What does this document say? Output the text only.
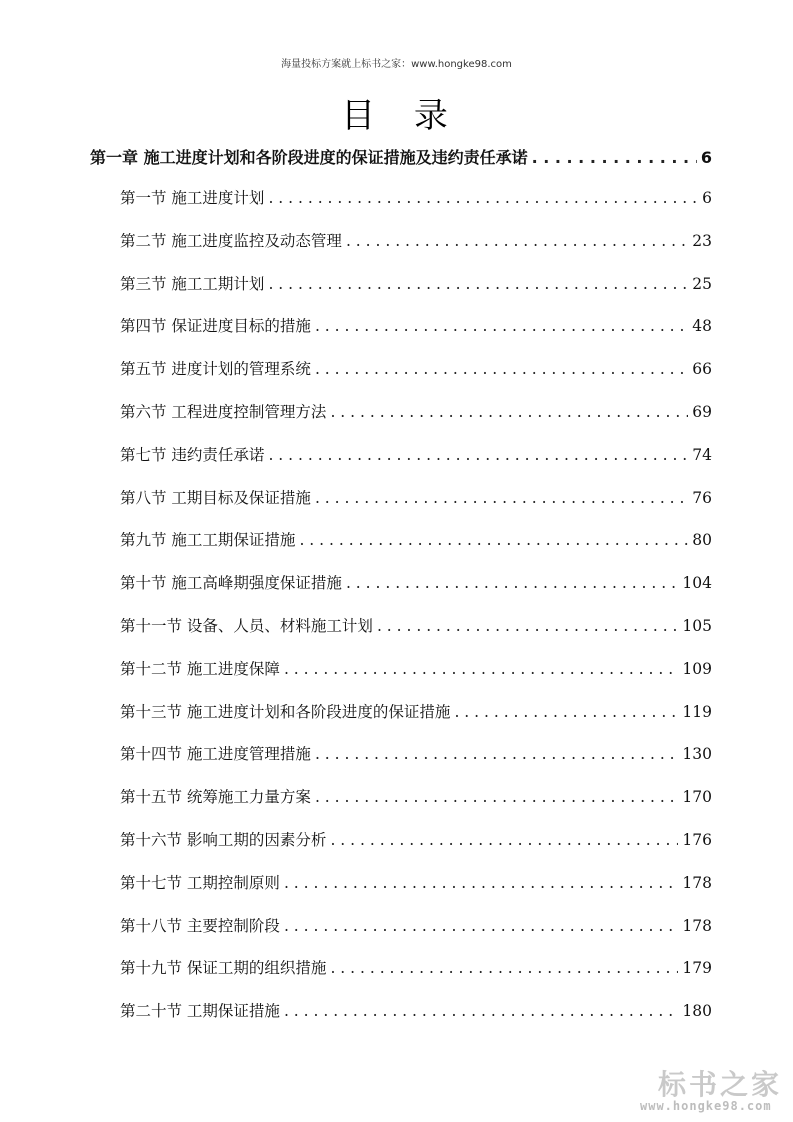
海量投标方案就上标书之家：www.hongke98.com
目 录
第一章 施工进度计划和各阶段进度的保证措施及违约责任承诺 . . .	6
第一节 施工进度计划 . . .	6
第二节 施工进度监控及动态管理 . . .	23
第三节 施工工期计划 . . .	25
第四节 保证进度目标的措施 . . .	48
第五节 进度计划的管理系统 . . .	66
第六节 工程进度控制管理方法 . . .	69
第七节 违约责任承诺 . . .	74
第八节 工期目标及保证措施 . . .	76
第九节 施工工期保证措施 . . .	80
第十节 施工高峰期强度保证措施 . . .	104
第十一节 设备、人员、材料施工计划 . . .	105
第十二节 施工进度保障 . . .	109
第十三节 施工进度计划和各阶段进度的保证措施 . . .	119
第十四节 施工进度管理措施 . . .	130
第十五节 统筹施工力量方案 . . .	170
第十六节 影响工期的因素分析 . . .	176
第十七节 工期控制原则 . . .	178
第十八节 主要控制阶段 . . .	178
第十九节 保证工期的组织措施 . . .	179
第二十节 工期保证措施 . . .	180
标书之家
www.hongke98.com
